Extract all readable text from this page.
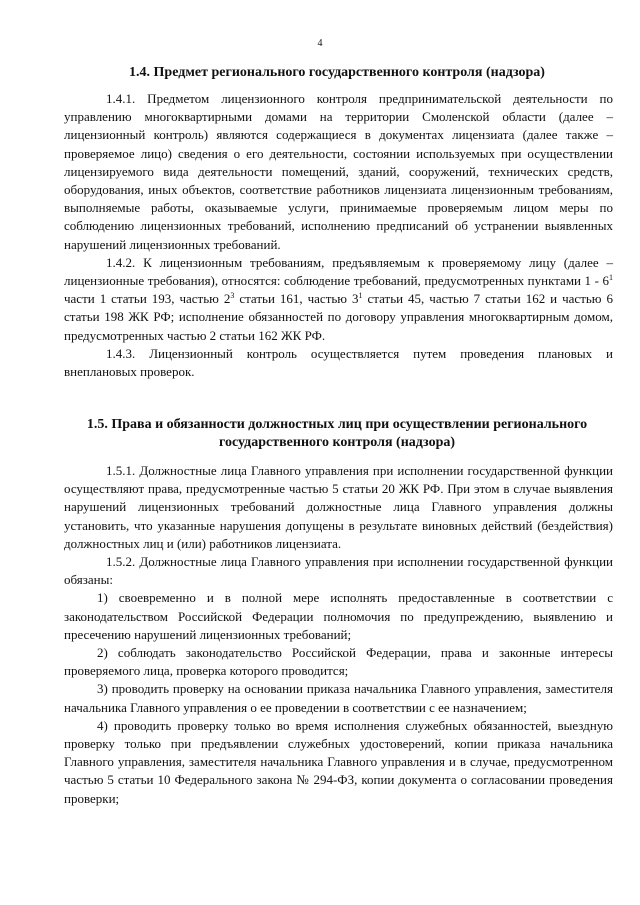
4
1.4. Предмет регионального государственного контроля (надзора)

1.4.1. Предметом лицензионного контроля предпринимательской деятельности по управлению многоквартирными домами на территории Смоленской области (далее – лицензионный контроль) являются содержащиеся в документах лицензиата (далее также – проверяемое лицо) сведения о его деятельности, состоянии используемых при осуществлении лицензируемого вида деятельности помещений, зданий, сооружений, технических средств, оборудования, иных объектов, соответствие работников лицензиата лицензионным требованиям, выполняемые работы, оказываемые услуги, принимаемые проверяемым лицом меры по соблюдению лицензионных требований, исполнению предписаний об устранении выявленных нарушений лицензионных требований.

1.4.2. К лицензионным требованиям, предъявляемым к проверяемому лицу (далее – лицензионные требования), относятся: соблюдение требований, предусмотренных пунктами $1 - 6^1$ части 1 статьи 193, частью $2^3$ статьи 161, частью $3^1$ статьи 45, частью 7 статьи 162 и частью 6 статьи 198 ЖК РФ; исполнение обязанностей по договору управления многоквартирным домом, предусмотренных частью 2 статьи 162 ЖК РФ.

1.4.3. Лицензионный контроль осуществляется путем проведения плановых и внеплановых проверок.

1.5. Права и обязанности должностных лиц при осуществлении регионального государственного контроля (надзора)

1.5.1. Должностные лица Главного управления при исполнении государственной функции осуществляют права, предусмотренные частью 5 статьи 20 ЖК РФ. При этом в случае выявления нарушений лицензионных требований должностные лица Главного управления должны установить, что указанные нарушения допущены в результате виновных действий (бездействия) должностных лиц и (или) работников лицензиата.

1.5.2. Должностные лица Главного управления при исполнении государственной функции обязаны:

1) своевременно и в полной мере исполнять предоставленные в соответствии с законодательством Российской Федерации полномочия по предупреждению, выявлению и пресечению нарушений лицензионных требований;

2) соблюдать законодательство Российской Федерации, права и законные интересы проверяемого лица, проверка которого проводится;

3) проводить проверку на основании приказа начальника Главного управления, заместителя начальника Главного управления о ее проведении в соответствии с ее назначением;

4) проводить проверку только во время исполнения служебных обязанностей, выездную проверку только при предъявлении служебных удостоверений, копии приказа начальника Главного управления, заместителя начальника Главного управления и в случае, предусмотренном частью 5 статьи 10 Федерального закона № 294-ФЗ, копии документа о согласовании проведения проверки;
